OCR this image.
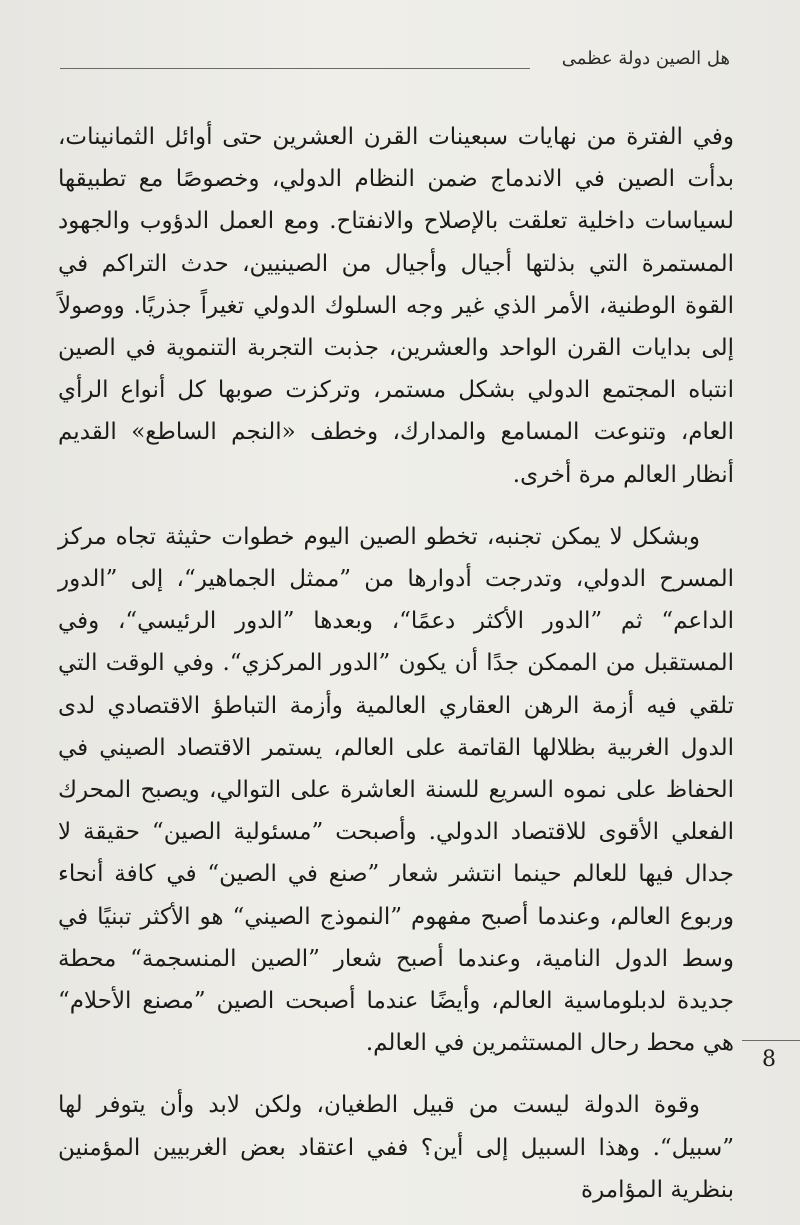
هل الصين دولة عظمى

وفي الفترة من نهايات سبعينات القرن العشرين حتى أوائل الثمانينات، بدأت الصين في الاندماج ضمن النظام الدولي، وخصوصًا مع تطبيقها لسياسات داخلية تعلقت بالإصلاح والانفتاح. ومع العمل الدؤوب والجهود المستمرة التي بذلتها أجيال وأجيال من الصينيين، حدث التراكم في القوة الوطنية، الأمر الذي غير وجه السلوك الدولي تغيراً جذريًا. ووصولاً إلى بدايات القرن الواحد والعشرين، جذبت التجربة التنموية في الصين انتباه المجتمع الدولي بشكل مستمر، وتركزت صوبها كل أنواع الرأي العام، وتنوعت المسامع والمدارك، وخطف «النجم الساطع» القديم أنظار العالم مرة أخرى.

وبشكل لا يمكن تجنبه، تخطو الصين اليوم خطوات حثيثة تجاه مركز المسرح الدولي، وتدرجت أدوارها من ”ممثل الجماهير“، إلى ”الدور الداعم“ ثم ”الدور الأكثر دعمًا“، وبعدها ”الدور الرئيسي“، وفي المستقبل من الممكن جدًا أن يكون ”الدور المركزي“. وفي الوقت التي تلقي فيه أزمة الرهن العقاري العالمية وأزمة التباطؤ الاقتصادي لدى الدول الغربية بظلالها القاتمة على العالم، يستمر الاقتصاد الصيني في الحفاظ على نموه السريع للسنة العاشرة على التوالي، ويصبح المحرك الفعلي الأقوى للاقتصاد الدولي. وأصبحت ”مسئولية الصين“ حقيقة لا جدال فيها للعالم حينما انتشر شعار ”صنع في الصين“ في كافة أنحاء وربوع العالم، وعندما أصبح مفهوم ”النموذج الصيني“ هو الأكثر تبنيًا في وسط الدول النامية، وعندما أصبح شعار ”الصين المنسجمة“ محطة جديدة لدبلوماسية العالم، وأيضًا عندما أصبحت الصين ”مصنع الأحلام“ هي محط رحال المستثمرين في العالم.

وقوة الدولة ليست من قبيل الطغيان، ولكن لابد وأن يتوفر لها ”سبيل“. وهذا السبيل إلى أين؟ ففي اعتقاد بعض الغربيين المؤمنين بنظرية المؤامرة

8
